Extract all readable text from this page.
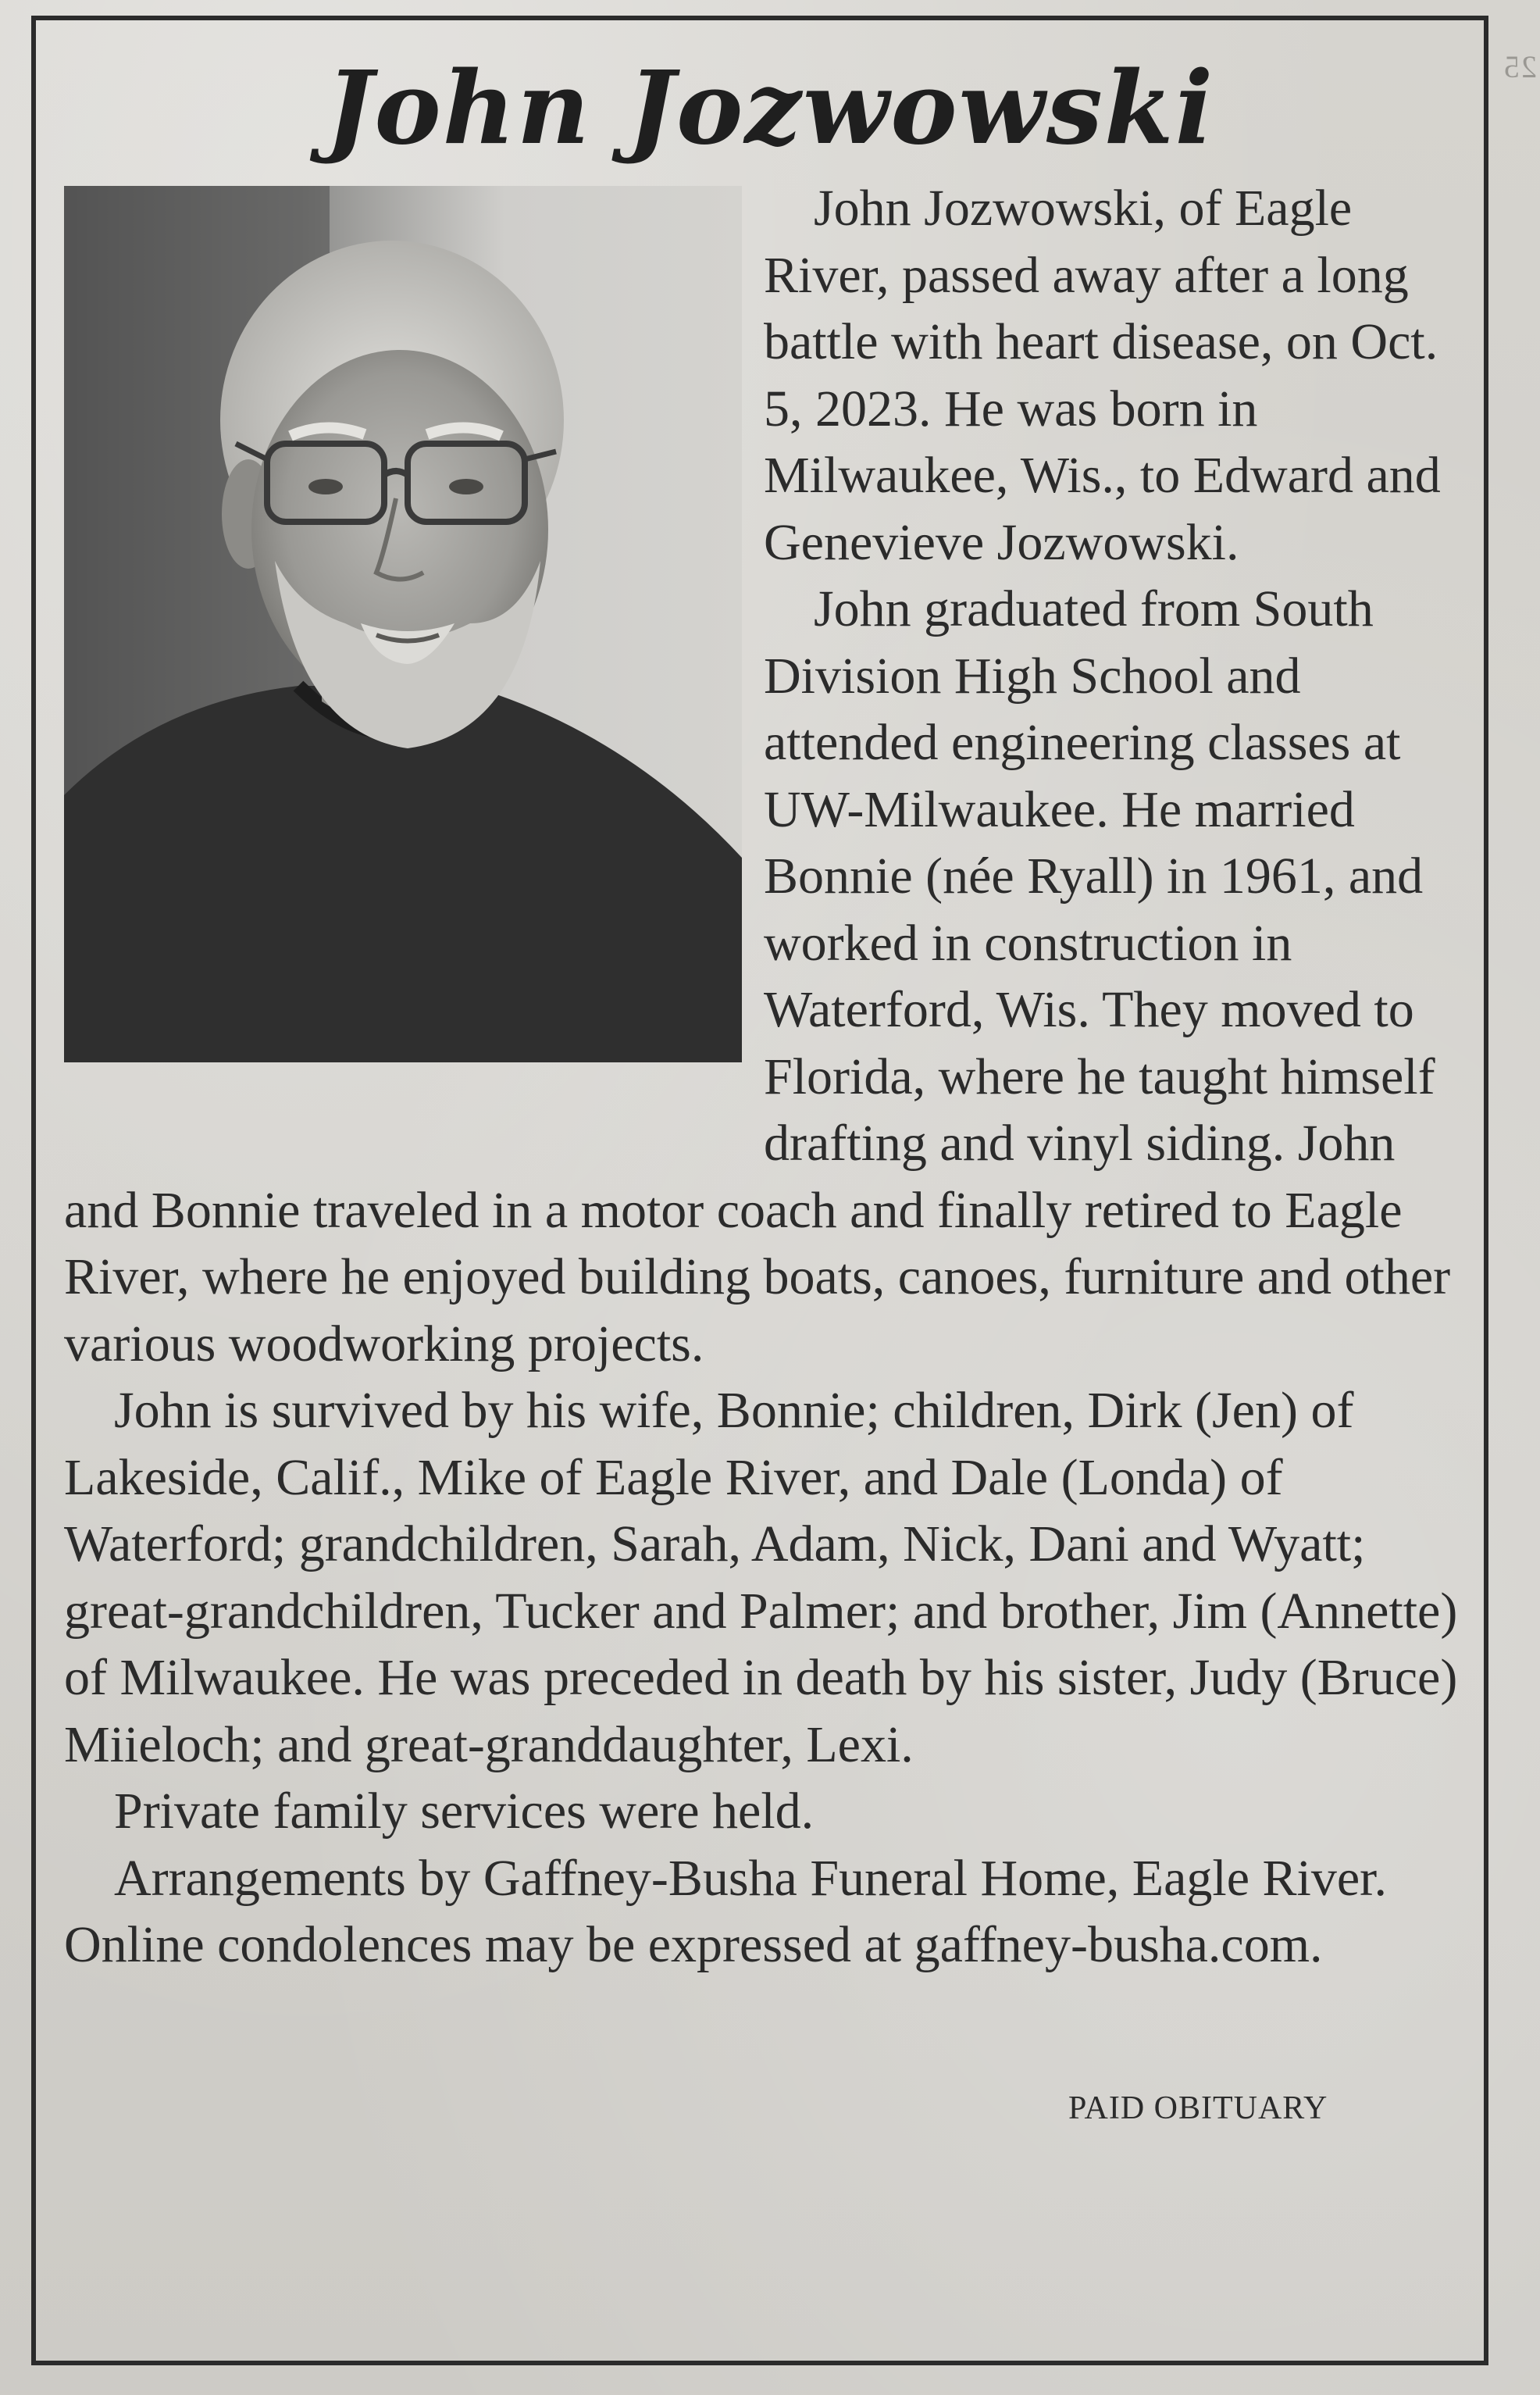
25
John Jozwowski

John Jozwowski, of Eagle River, passed away after a long battle with heart disease, on Oct. 5, 2023. He was born in Milwaukee, Wis., to Edward and Genevieve Jozwowski.

John graduated from South Division High School and attended engineering classes at UW-Milwaukee. He married Bonnie (née Ryall) in 1961, and worked in construction in Waterford, Wis. They moved to Florida, where he taught himself drafting and vinyl siding. John and Bonnie traveled in a motor coach and finally retired to Eagle River, where he enjoyed building boats, canoes, furniture and other various woodworking projects.

John is survived by his wife, Bonnie; children, Dirk (Jen) of Lakeside, Calif., Mike of Eagle River, and Dale (Londa) of Waterford; grandchildren, Sarah, Adam, Nick, Dani and Wyatt; great-grandchildren, Tucker and Palmer; and brother, Jim (Annette) of Milwaukee. He was preceded in death by his sister, Judy (Bruce) Miieloch; and great-granddaughter, Lexi.

Private family services were held.

Arrangements by Gaffney-Busha Funeral Home, Eagle River. Online condolences may be expressed at gaffney-busha.com.

PAID OBITUARY
